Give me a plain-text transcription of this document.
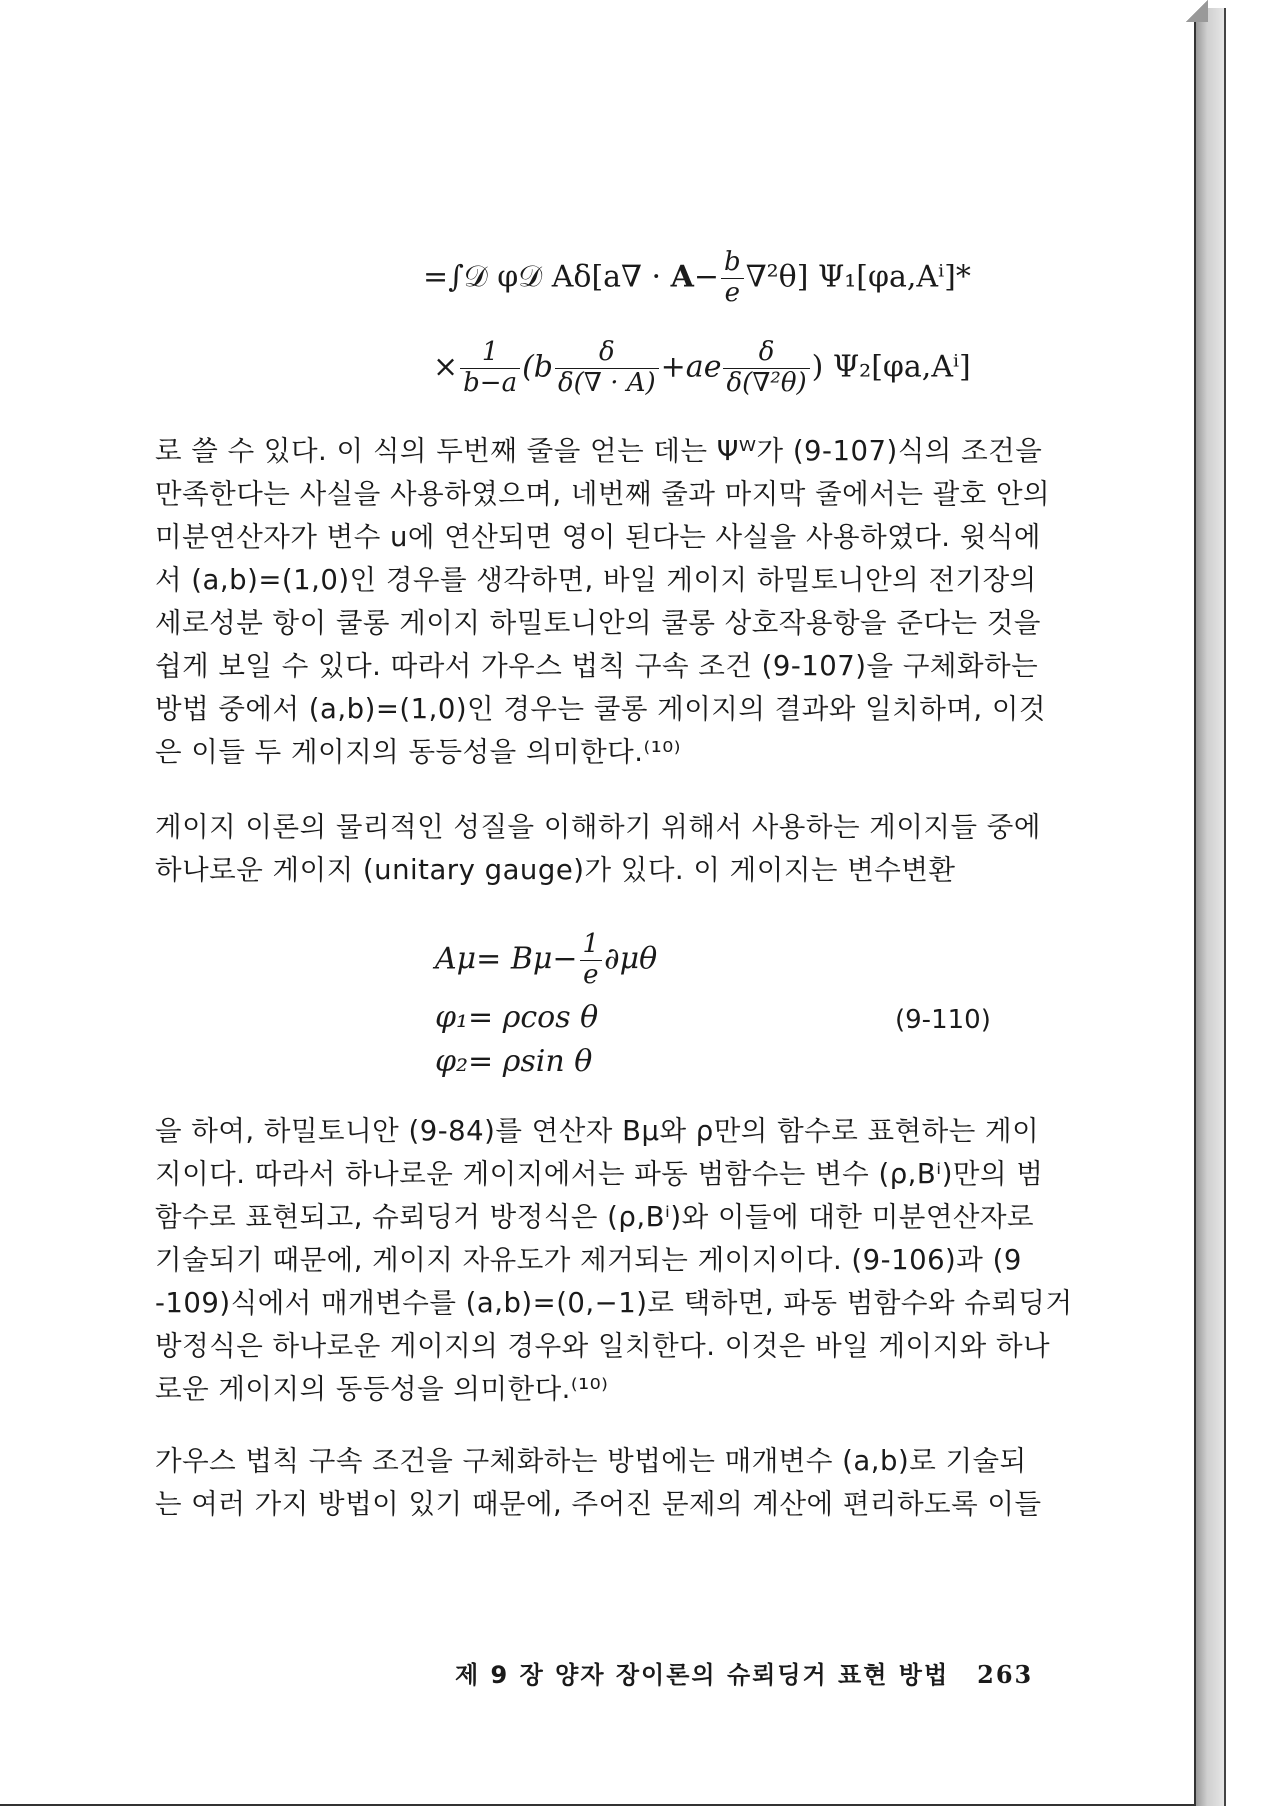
=∫𝒟 φ𝒟 $A\delta[a\nabla \cdot A- \frac{b}{e} \nabla^2\theta]$ Ψ₁[φa,Aⁱ]*
× $\frac{1}{b-a} (b \frac{\delta}{\delta(\nabla \cdot A)} +ae \frac{\delta}{\text{δ(∇²θ)}}$ ) Ψ₂[φa,Aⁱ]
로 쓸 수 있다. 이 식의 두번째 줄을 얻는 데는 Ψᵂ가 (9-107)식의 조건을
만족한다는 사실을 사용하였으며, 네번째 줄과 마지막 줄에서는 괄호 안의
미분연산자가 변수 u에 연산되면 영이 된다는 사실을 사용하였다. 윗식에
서 (a,b)=(1,0)인 경우를 생각하면, 바일 게이지 하밀토니안의 전기장의
세로성분 항이 쿨롱 게이지 하밀토니안의 쿨롱 상호작용항을 준다는 것을
쉽게 보일 수 있다. 따라서 가우스 법칙 구속 조건 (9-107)을 구체화하는
방법 중에서 (a,b)=(1,0)인 경우는 쿨롱 게이지의 결과와 일치하며, 이것
은 이들 두 게이지의 동등성을 의미한다.⁽¹⁰⁾
게이지 이론의 물리적인 성질을 이해하기 위해서 사용하는 게이지들 중에
하나로운 게이지 (unitary gauge)가 있다. 이 게이지는 변수변환
을 하여, 하밀토니안 (9-84)를 연산자 Bμ와 ρ만의 함수로 표현하는 게이
지이다. 따라서 하나로운 게이지에서는 파동 범함수는 변수 (ρ,Bⁱ)만의 범
함수로 표현되고, 슈뢰딩거 방정식은 (ρ,Bⁱ)와 이들에 대한 미분연산자로
기술되기 때문에, 게이지 자유도가 제거되는 게이지이다. (9-106)과 (9
-109)식에서 매개변수를 (a,b)=(0,−1)로 택하면, 파동 범함수와 슈뢰딩거
방정식은 하나로운 게이지의 경우와 일치한다. 이것은 바일 게이지와 하나
로운 게이지의 동등성을 의미한다.⁽¹⁰⁾
가우스 법칙 구속 조건을 구체화하는 방법에는 매개변수 (a,b)로 기술되
는 여러 가지 방법이 있기 때문에, 주어진 문제의 계산에 편리하도록 이들
$A\mu= B\mu- \frac{1}{e} \partial\mu\theta$
φ₁= ρcos θ
φ₂= ρsin θ
(9-110)
제 9 장 양자 장이론의 슈뢰딩거 표현 방법 263
